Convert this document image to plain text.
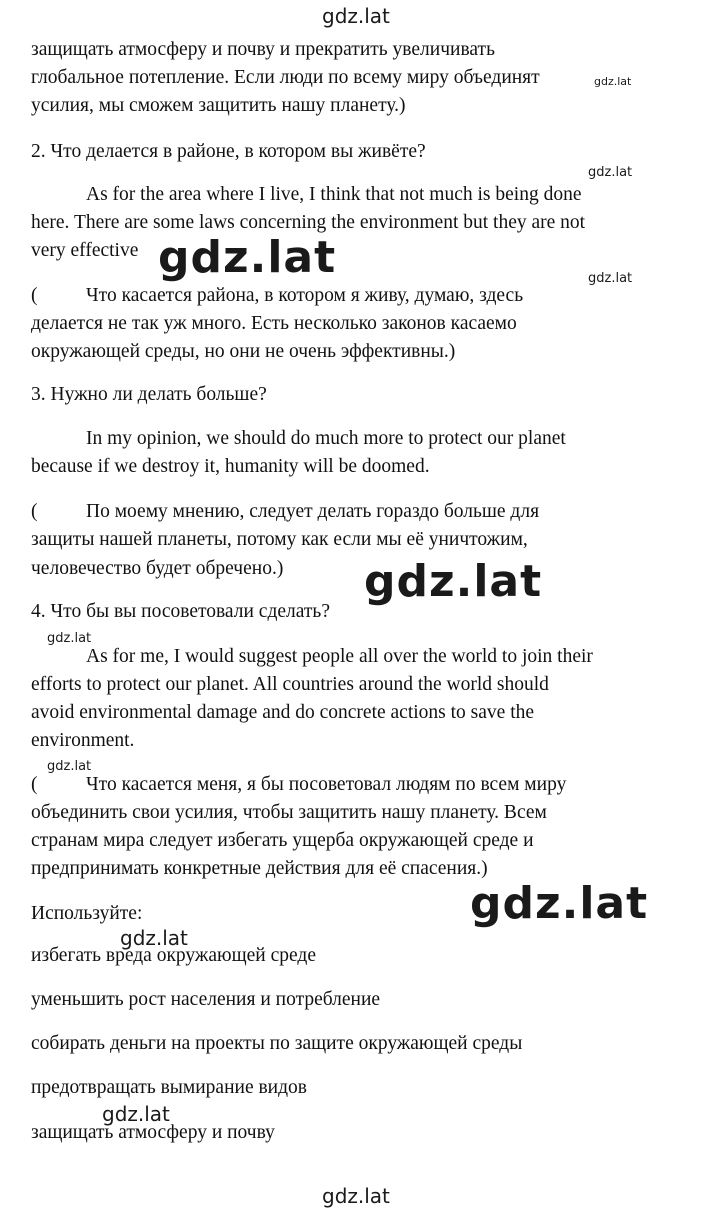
gdz.lat
gdz.lat
gdz.lat
gdz.lat	gdz.lat
gdz.lat
gdz.lat
gdz.lat
gdz.lat
gdz.lat
gdz.lat
gdz.lat
защищать атмосферу и почву и прекратить увеличивать
глобальное потепление. Если люди по всему миру объединят
усилия, мы сможем защитить нашу планету.)
2. Что делается в районе, в котором вы живёте?
As for the area where I live, I think that not much is being done
here. There are some laws concerning the environment but they are not
very effective
( Что касается района, в котором я живу, думаю, здесь
делается не так уж много. Есть несколько законов касаемо
окружающей среды, но они не очень эффективны.)
3. Нужно ли делать больше?
In my opinion, we should do much more to protect our planet
because if we destroy it, humanity will be doomed.
( По моему мнению, следует делать гораздо больше для
защиты нашей планеты, потому как если мы её уничтожим,
человечество будет обречено.)
4. Что бы вы посоветовали сделать?
As for me, I would suggest people all over the world to join their
efforts to protect our planet. All countries around the world should
avoid environmental damage and do concrete actions to save the
environment.
( Что касается меня, я бы посоветовал людям по всем миру
объединить свои усилия, чтобы защитить нашу планету. Всем
странам мира следует избегать ущерба окружающей среде и
предпринимать конкретные действия для её спасения.)
Используйте:
избегать вреда окружающей среде
уменьшить рост населения и потребление
собирать деньги на проекты по защите окружающей среды
предотвращать вымирание видов
защищать атмосферу и почву
